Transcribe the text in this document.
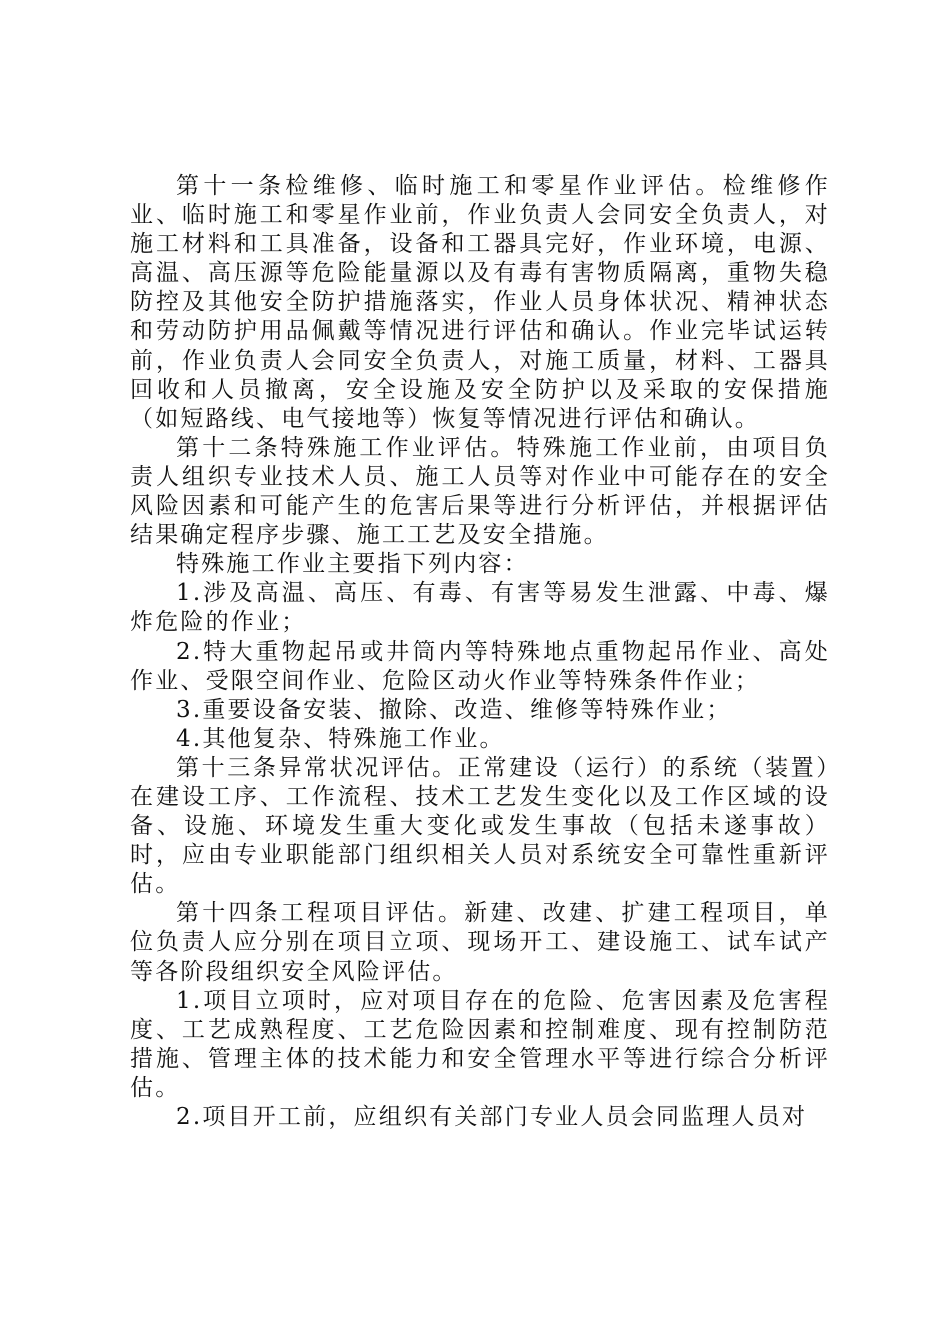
第十一条检维修、临时施工和零星作业评估。检维修作业、临时施工和零星作业前，作业负责人会同安全负责人，对施工材料和工具准备，设备和工器具完好，作业环境，电源、高温、高压源等危险能量源以及有毒有害物质隔离，重物失稳防控及其他安全防护措施落实，作业人员身体状况、精神状态和劳动防护用品佩戴等情况进行评估和确认。作业完毕试运转前，作业负责人会同安全负责人，对施工质量，材料、工器具回收和人员撤离，安全设施及安全防护以及采取的安保措施（如短路线、电气接地等）恢复等情况进行评估和确认。

第十二条特殊施工作业评估。特殊施工作业前，由项目负责人组织专业技术人员、施工人员等对作业中可能存在的安全风险因素和可能产生的危害后果等进行分析评估，并根据评估结果确定程序步骤、施工工艺及安全措施。

特殊施工作业主要指下列内容：

1.涉及高温、高压、有毒、有害等易发生泄露、中毒、爆炸危险的作业；

2.特大重物起吊或井筒内等特殊地点重物起吊作业、高处作业、受限空间作业、危险区动火作业等特殊条件作业；

3.重要设备安装、撤除、改造、维修等特殊作业；

4.其他复杂、特殊施工作业。

第十三条异常状况评估。正常建设（运行）的系统（装置）在建设工序、工作流程、技术工艺发生变化以及工作区域的设备、设施、环境发生重大变化或发生事故（包括未遂事故）时，应由专业职能部门组织相关人员对系统安全可靠性重新评估。

第十四条工程项目评估。新建、改建、扩建工程项目，单位负责人应分别在项目立项、现场开工、建设施工、试车试产等各阶段组织安全风险评估。

1.项目立项时，应对项目存在的危险、危害因素及危害程度、工艺成熟程度、工艺危险因素和控制难度、现有控制防范措施、管理主体的技术能力和安全管理水平等进行综合分析评估。

2.项目开工前，应组织有关部门专业人员会同监理人员对
